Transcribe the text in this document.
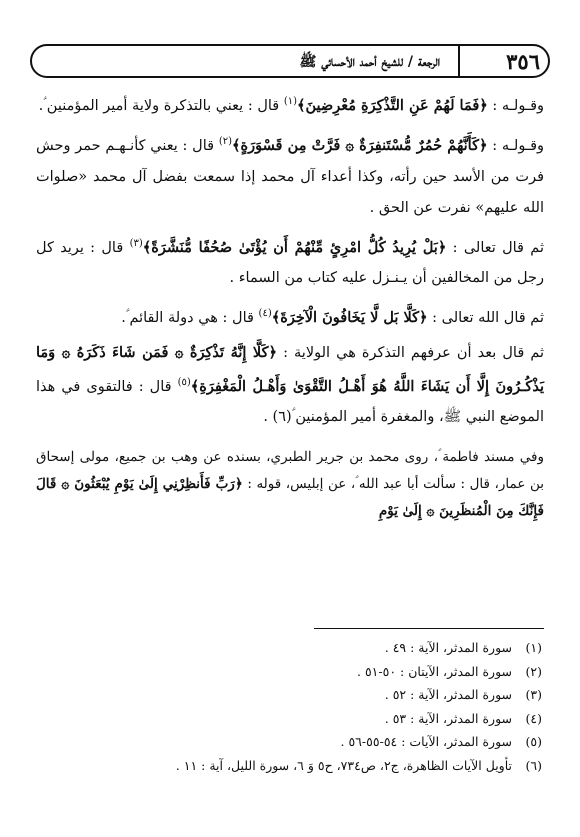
٣٥٦
الرجعة / للشيخ أحمد الأحسائي ﷺ

وقـولـه : ﴿فَمَا لَهُمْ عَنِ التَّذْكِرَةِ مُعْرِضِينَ﴾$^{(١)}$ قال : يعني بالتذكرة ولاية أمير المؤمنين ؑ.

وقـولـه : ﴿كَأَنَّهُمْ حُمُرٌ مُّسْتَنفِرَةٌ ۞ فَرَّتْ مِن قَسْوَرَةٍ﴾$^{(٢)}$ قال : يعني كأنـهـم حمر وحش فرت من الأسد حين رأته، وكذا أعداء آل محمد إذا سمعت بفضل آل محمد «صلوات الله عليهم» نفرت عن الحق .

ثم قال تعالى : ﴿بَلْ يُرِيدُ كُلُّ امْرِئٍ مِّنْهُمْ أَن يُؤْتَىٰ صُحُفًا مُّنَشَّرَةً﴾$^{(٣)}$ قال : يريد كل رجل من المخالفين أن يـنـزل عليه كتاب من السماء .

ثم قال الله تعالى : ﴿كَلَّا بَل لَّا يَخَافُونَ الْآخِرَةَ﴾$^{(٤)}$ قال : هي دولة القائم ؑ.

ثم قال بعد أن عرفهم التذكرة هي الولاية : ﴿كَلَّا إِنَّهُ تَذْكِرَةٌ ۞ فَمَن شَاءَ ذَكَرَهُ ۞ وَمَا يَذْكُـرُونَ إِلَّا أَن يَشَاءَ اللَّهُ هُوَ أَهْـلُ التَّقْوَىٰ وَأَهْـلُ الْمَغْفِرَةِ﴾$^{(٥)}$ قال : فالتقوى في هذا الموضع النبي ﷺ، والمغفرة أمير المؤمنين ؑ(٦) .

وفي مسند فاطمة ؑ، روى محمد بن جرير الطبري، بسنده عن وهب بن جميع، مولى إسحاق بن عمار، قال : سألت أبا عبد الله ؑ، عن إبليس، قوله : ﴿رَبِّ فَأَنظِرْنِي إِلَىٰ يَوْمِ يُبْعَثُونَ ۞ قَالَ فَإِنَّكَ مِنَ الْمُنظَرِينَ ۞ إِلَىٰ يَوْمِ

(١) سورة المدثر، الآية : ٤٩ .
(٢) سورة المدثر، الآيتان : ٥٠-٥١ .
(٣) سورة المدثر، الآية : ٥٢ .
(٤) سورة المدثر، الآية : ٥٣ .
(٥) سورة المدثر، الآيات : ٥٤-٥٥-٥٦ .
(٦) تأويل الآيات الظاهرة، ج٢، ص٧٣٤، ح٥ وَ ٦، سورة الليل، آية : ١١ .
